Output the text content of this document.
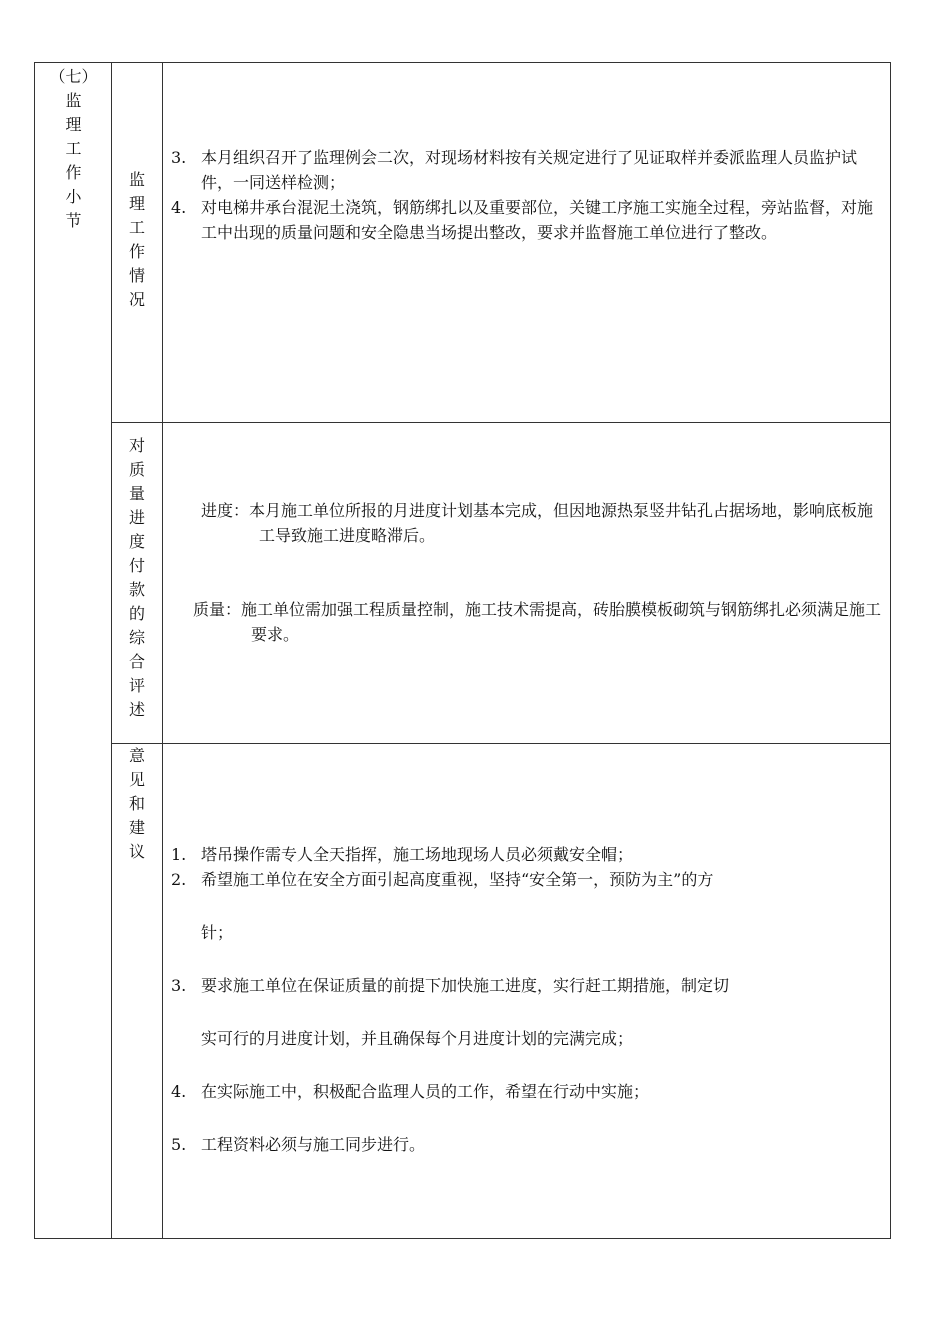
（七）
监
理
工
作
小
节
监
理
工
作
情
况
3. 本月组织召开了监理例会二次，对现场材料按有关规定进行了见证取样并委派监理人员监护试件，一同送样检测；
4. 对电梯井承台混泥土浇筑，钢筋绑扎以及重要部位，关键工序施工实施全过程，旁站监督，对施工中出现的质量问题和安全隐患当场提出整改，要求并监督施工单位进行了整改。
对
质
量
进
度
付
款
的
综
合
评
述
进度：本月施工单位所报的月进度计划基本完成，但因地源热泵竖井钻孔占据场地，影响底板施工导致施工进度略滞后。
质量：施工单位需加强工程质量控制，施工技术需提高，砖胎膜模板砌筑与钢筋绑扎必须满足施工要求。
意
见
和
建
议	1. 塔吊操作需专人全天指挥，施工场地现场人员必须戴安全帽；
2. 希望施工单位在安全方面引起高度重视，坚持“安全第一，预防为主”的方
针；
3. 要求施工单位在保证质量的前提下加快施工进度，实行赶工期措施，制定切
实可行的月进度计划，并且确保每个月进度计划的完满完成；
4. 在实际施工中，积极配合监理人员的工作，希望在行动中实施；
5. 工程资料必须与施工同步进行。
